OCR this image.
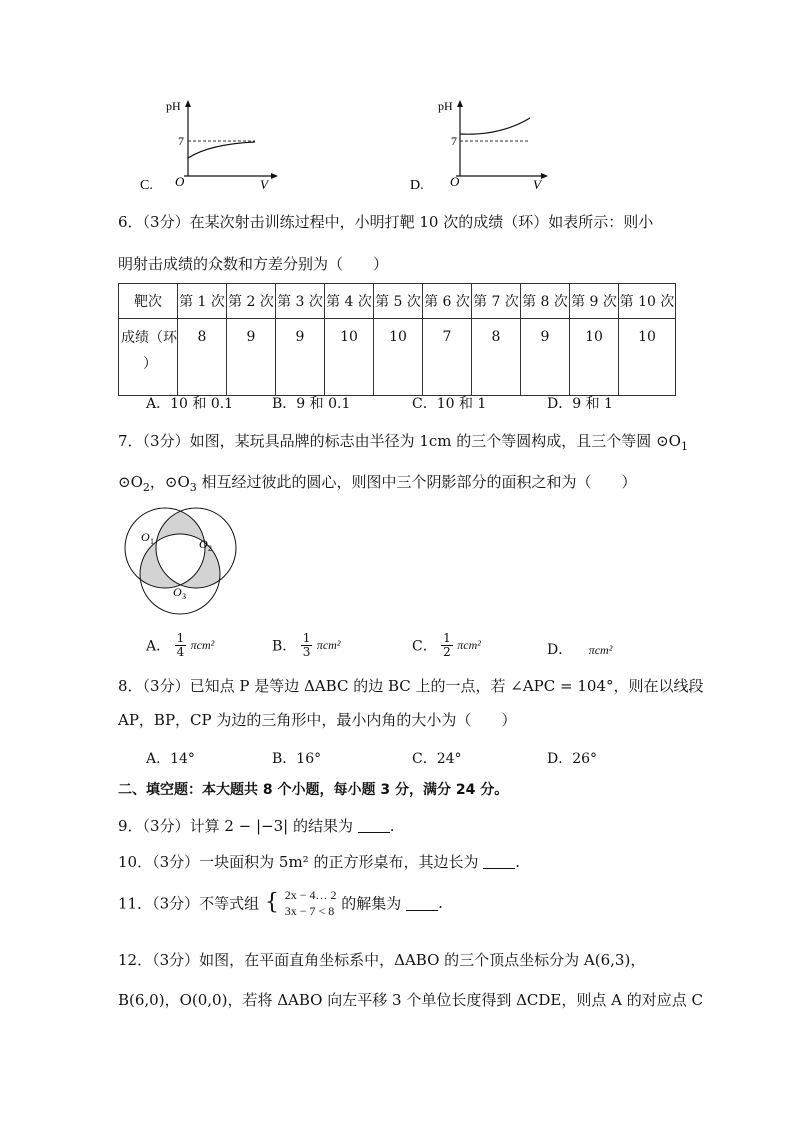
C.
pH
7
O	V	D.
pH
7
O	V
6．（3分）在某次射击训练过程中，小明打靶 10 次的成绩（环）如表所示：则小
明射击成绩的众数和方差分别为（　　）
靶次	第 1 次	第 2 次	第 3 次	第 4 次	第 5 次	第 6 次	第 7 次	第 8 次	第 9 次	第 10 次
成绩（环
）	8	9	9	10	10	7	8	9	10	10
A．10 和 0.1	B．9 和 0.1	C．10 和 1	D．9 和 1
7．（3分）如图，某玩具品牌的标志由半径为 1cm 的三个等圆构成，且三个等圆 $⊙O_1$
$⊙O_2$，$⊙O_3$ 相互经过彼此的圆心，则图中三个阴影部分的面积之和为（　　）
O 1	O 2
O 3
A． $\frac{1}{4} \pi cm^2$	B． $\frac{1}{3} \pi cm^2$	C． $\frac{1}{2} \pi cm^2$	D． πcm²
8．（3分）已知点 P 是等边 ΔABC 的边 BC 上的一点，若 ∠APC = 104°，则在以线段
AP，BP，CP 为边的三角形中，最小内角的大小为（　　）
A．14°	B．16°	C．24°	D．26°
二、填空题：本大题共 8 个小题，每小题 3 分，满分 24 分。
9．（3分）计算 2 − |−3| 的结果为 .
10．（3分）一块面积为 5m² 的正方形桌布，其边长为 .
11．（3分）不等式组 { 2x − 4… 2
3x − 7 < 8 的解集为 .
12．（3分）如图，在平面直角坐标系中，ΔABO 的三个顶点坐标分为 A(6,3)，
B(6,0)，O(0,0)，若将 ΔABO 向左平移 3 个单位长度得到 ΔCDE，则点 A 的对应点 C
